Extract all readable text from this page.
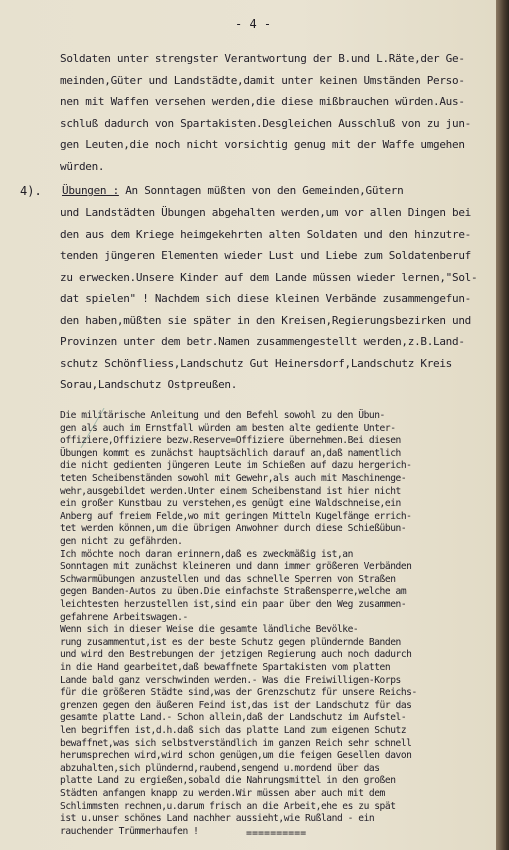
- 4 -
Soldaten unter strengster Verantwortung der B.und L.Räte,der Ge-
meinden,Güter und Landstädte,damit unter keinen Umständen Perso-
nen mit Waffen versehen werden,die diese mißbrauchen würden.Aus-
schluß dadurch von Spartakisten.Desgleichen Ausschluß von zu jun-
gen Leuten,die noch nicht vorsichtig genug mit der Waffe umgehen
würden.
4). Übungen : An Sonntagen müßten von den Gemeinden,Gütern
und Landstädten Übungen abgehalten werden,um vor allen Dingen bei
den aus dem Kriege heimgekehrten alten Soldaten und den hinzutre-
tenden jüngeren Elementen wieder Lust und Liebe zum Soldatenberuf
zu erwecken.Unsere Kinder auf dem Lande müssen wieder lernen,"Sol-
dat spielen" ! Nachdem sich diese kleinen Verbände zusammengefun-
den haben,müßten sie später in den Kreisen,Regierungsbezirken und
Provinzen unter dem betr.Namen zusammengestellt werden,z.B.Land-
schutz Schönfliess,Landschutz Gut Heinersdorf,Landschutz Kreis
Sorau,Landschutz Ostpreußen.
Die militärische Anleitung und den Befehl sowohl zu den Übun-
gen als auch im Ernstfall würden am besten alte gediente Unter-
offiziere,Offiziere bezw.Reserve=Offiziere übernehmen.Bei diesen
Übungen kommt es zunächst hauptsächlich darauf an,daß namentlich
die nicht gedienten jüngeren Leute im Schießen auf dazu hergerich-
teten Scheibenständen sowohl mit Gewehr,als auch mit Maschinenge-
wehr,ausgebildet werden.Unter einem Scheibenstand ist hier nicht
ein großer Kunstbau zu verstehen,es genügt eine Waldschneise,ein
Anberg auf freiem Felde,wo mit geringen Mitteln Kugelfänge errich-
tet werden können,um die übrigen Anwohner durch diese Schießübun-
gen nicht zu gefährden.
Ich möchte noch daran erinnern,daß es zweckmäßig ist,an
Sonntagen mit zunächst kleineren und dann immer größeren Verbänden
Schwarmübungen anzustellen und das schnelle Sperren von Straßen
gegen Banden-Autos zu üben.Die einfachste Straßensperre,welche am
leichtesten herzustellen ist,sind ein paar über den Weg zusammen-
gefahrene Arbeitswagen.-
Wenn sich in dieser Weise die gesamte ländliche Bevölke-
rung zusammentut,ist es der beste Schutz gegen plündernde Banden
und wird den Bestrebungen der jetzigen Regierung auch noch dadurch
in die Hand gearbeitet,daß bewaffnete Spartakisten vom platten
Lande bald ganz verschwinden werden.- Was die Freiwilligen-Korps
für die größeren Städte sind,was der Grenzschutz für unsere Reichs-
grenzen gegen den äußeren Feind ist,das ist der Landschutz für das
gesamte platte Land.- Schon allein,daß der Landschutz im Aufstel-
len begriffen ist,d.h.daß sich das platte Land zum eigenen Schutz
bewaffnet,was sich selbstverständlich im ganzen Reich sehr schnell
herumsprechen wird,wird schon genügen,um die feigen Gesellen davon
abzuhalten,sich plündernd,raubend,sengend u.mordend über das
platte Land zu ergießen,sobald die Nahrungsmittel in den großen
Städten anfangen knapp zu werden.Wir müssen aber auch mit dem
Schlimmsten rechnen,u.darum frisch an die Arbeit,ehe es zu spät
ist u.unser schönes Land nachher aussieht,wie Rußland - ein
rauchender Trümmerhaufen !	==========
